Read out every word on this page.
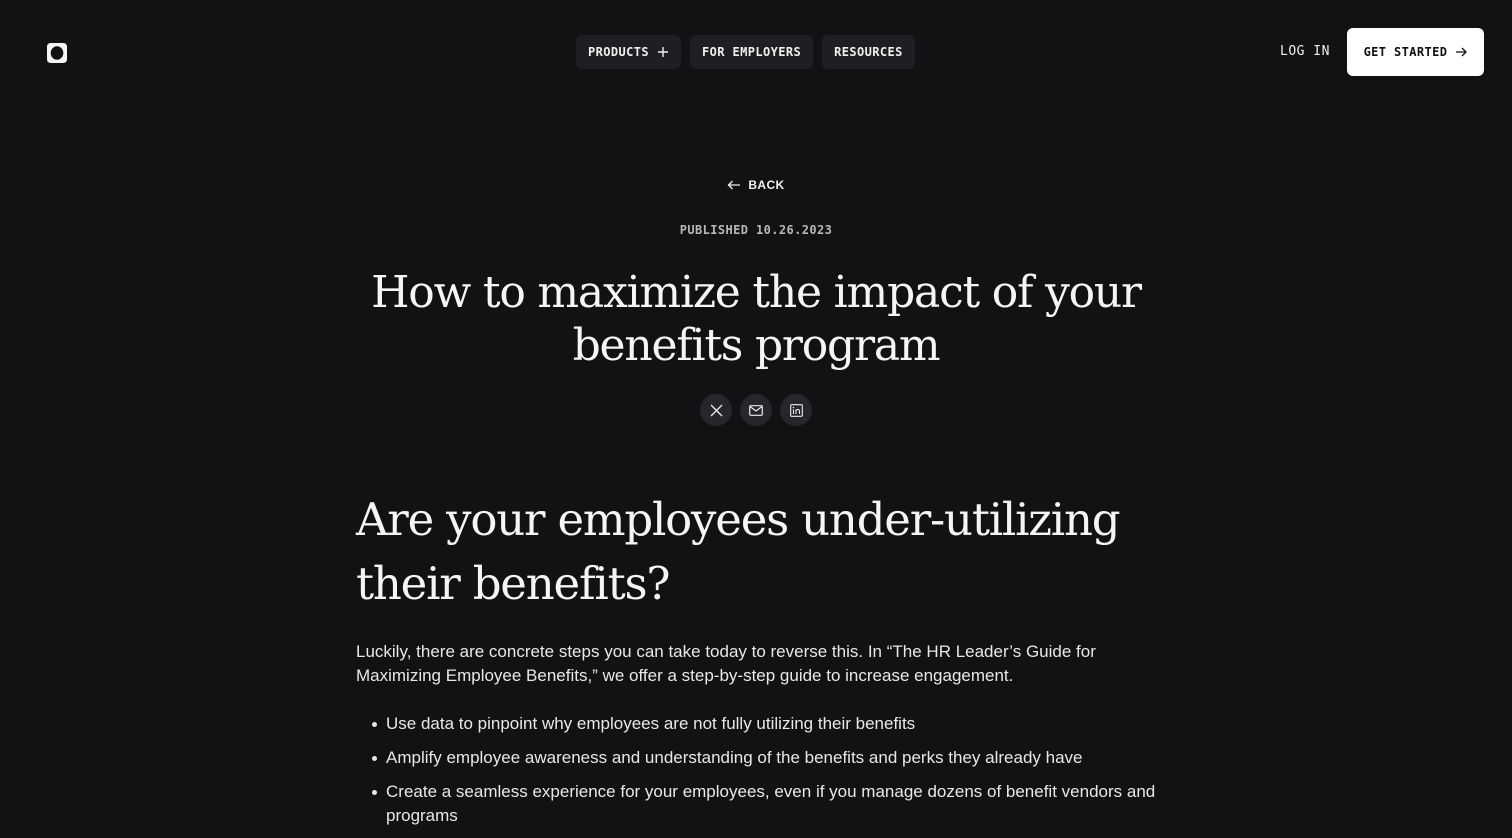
PRODUCTS	FOR EMPLOYERS	RESOURCES	LOG IN	GET STARTED
BACK
PUBLISHED 10.26.2023
How to maximize the impact of your benefits program
Are your employees under-utilizing their benefits?

Luckily, there are concrete steps you can take today to reverse this. In “The HR Leader’s Guide for Maximizing Employee Benefits,” we offer a step-by-step guide to increase engagement.

Use data to pinpoint why employees are not fully utilizing their benefits
Amplify employee awareness and understanding of the benefits and perks they already have
Create a seamless experience for your employees, even if you manage dozens of benefit vendors and programs
